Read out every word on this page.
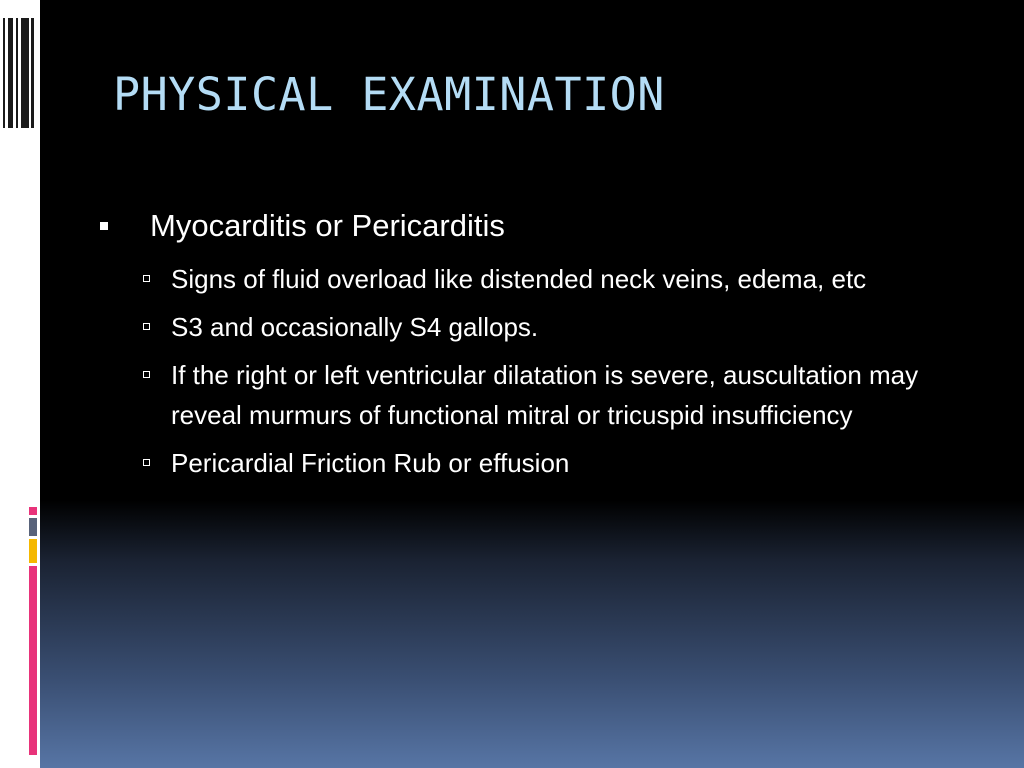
PHYSICAL EXAMINATION
Myocarditis or Pericarditis
Signs of fluid overload like distended neck veins, edema, etc
S3 and occasionally S4 gallops.
If the right or left ventricular dilatation is severe, auscultation may reveal murmurs of functional mitral or tricuspid insufficiency
Pericardial Friction Rub or effusion
